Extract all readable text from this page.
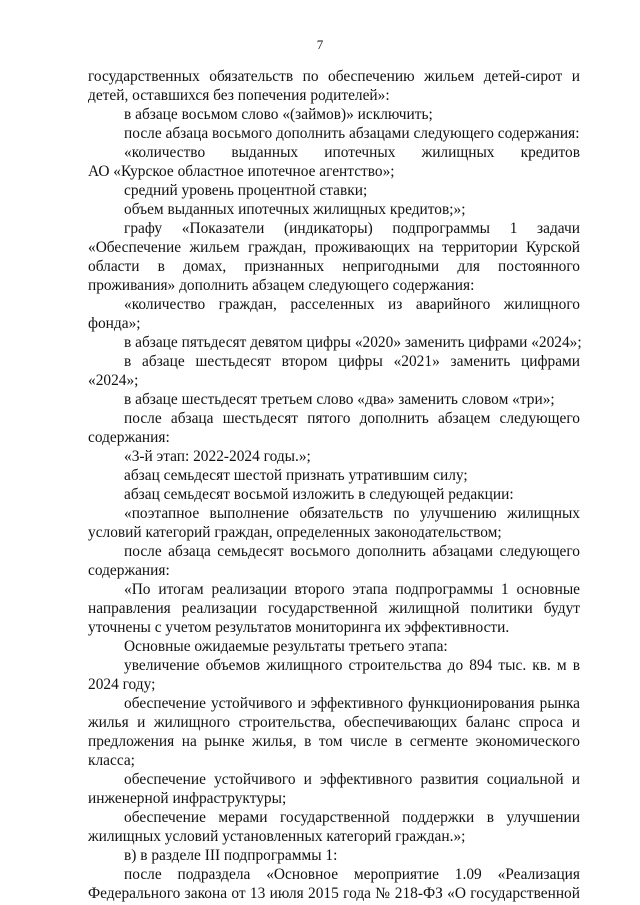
7
государственных обязательств по обеспечению жильем детей-сирот и
детей, оставшихся без попечения родителей»:
в абзаце восьмом слово «(займов)» исключить;
после абзаца восьмого дополнить абзацами следующего содержания:
«количество выданных ипотечных жилищных кредитов
АО «Курское областное ипотечное агентство»;
средний уровень процентной ставки;
объем выданных ипотечных жилищных кредитов;»;
графу «Показатели (индикаторы) подпрограммы 1 задачи
«Обеспечение жильем граждан, проживающих на территории Курской
области в домах, признанных непригодными для постоянного
проживания» дополнить абзацем следующего содержания:
«количество граждан, расселенных из аварийного жилищного
фонда»;
в абзаце пятьдесят девятом цифры «2020» заменить цифрами «2024»;
в абзаце шестьдесят втором цифры «2021» заменить цифрами
«2024»;
в абзаце шестьдесят третьем слово «два» заменить словом «три»;
после абзаца шестьдесят пятого дополнить абзацем следующего
содержания:
«3-й этап: 2022-2024 годы.»;
абзац семьдесят шестой признать утратившим силу;
абзац семьдесят восьмой изложить в следующей редакции:
«поэтапное выполнение обязательств по улучшению жилищных
условий категорий граждан, определенных законодательством;
после абзаца семьдесят восьмого дополнить абзацами следующего
содержания:
«По итогам реализации второго этапа подпрограммы 1 основные
направления реализации государственной жилищной политики будут
уточнены с учетом результатов мониторинга их эффективности.
Основные ожидаемые результаты третьего этапа:
увеличение объемов жилищного строительства до 894 тыс. кв. м в
2024 году;
обеспечение устойчивого и эффективного функционирования рынка
жилья и жилищного строительства, обеспечивающих баланс спроса и
предложения на рынке жилья, в том числе в сегменте экономического
класса;
обеспечение устойчивого и эффективного развития социальной и
инженерной инфраструктуры;
обеспечение мерами государственной поддержки в улучшении
жилищных условий установленных категорий граждан.»;
в) в разделе III подпрограммы 1:
после подраздела «Основное мероприятие 1.09 «Реализация
Федерального закона от 13 июля 2015 года № 218-ФЗ «О государственной
